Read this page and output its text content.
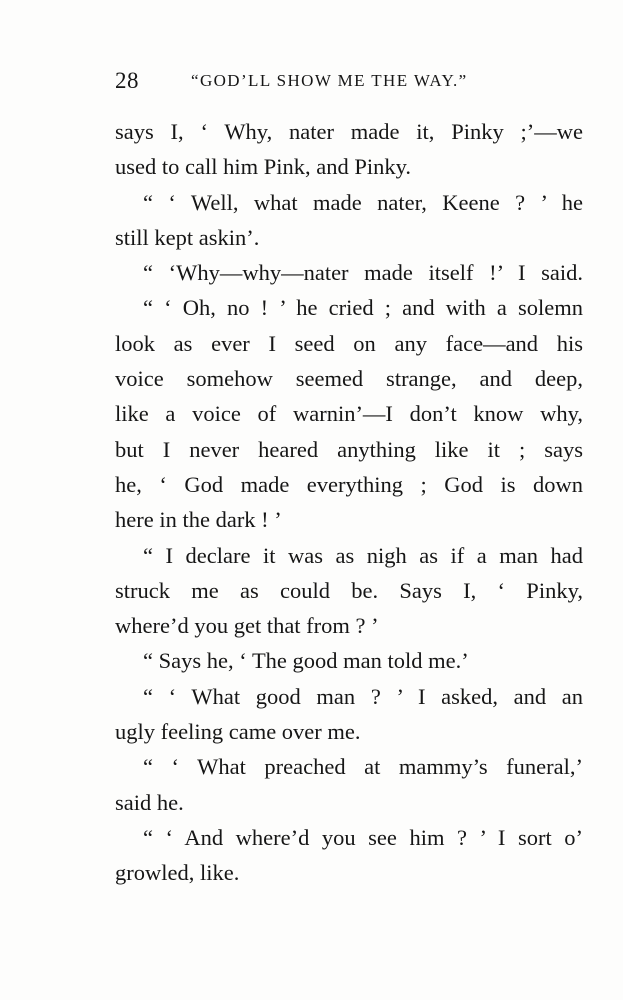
28	“GOD’LL SHOW ME THE WAY.”
says I, ‘ Why, nater made it, Pinky ;’—we
used to call him Pink, and Pinky.
“ ‘ Well, what made nater, Keene ? ’ he
still kept askin’.
“ ‘Why—why—nater made itself !’ I said.
“ ‘ Oh, no ! ’ he cried ; and with a solemn
look as ever I seed on any face—and his
voice somehow seemed strange, and deep,
like a voice of warnin’—I don’t know why,
but I never heared anything like it ; says
he, ‘ God made everything ; God is down
here in the dark ! ’
“ I declare it was as nigh as if a man had
struck me as could be. Says I, ‘ Pinky,
where’d you get that from ? ’
“ Says he, ‘ The good man told me.’
“ ‘ What good man ? ’ I asked, and an
ugly feeling came over me.
“ ‘ What preached at mammy’s funeral,’
said he.
“ ‘ And where’d you see him ? ’ I sort o’
growled, like.
